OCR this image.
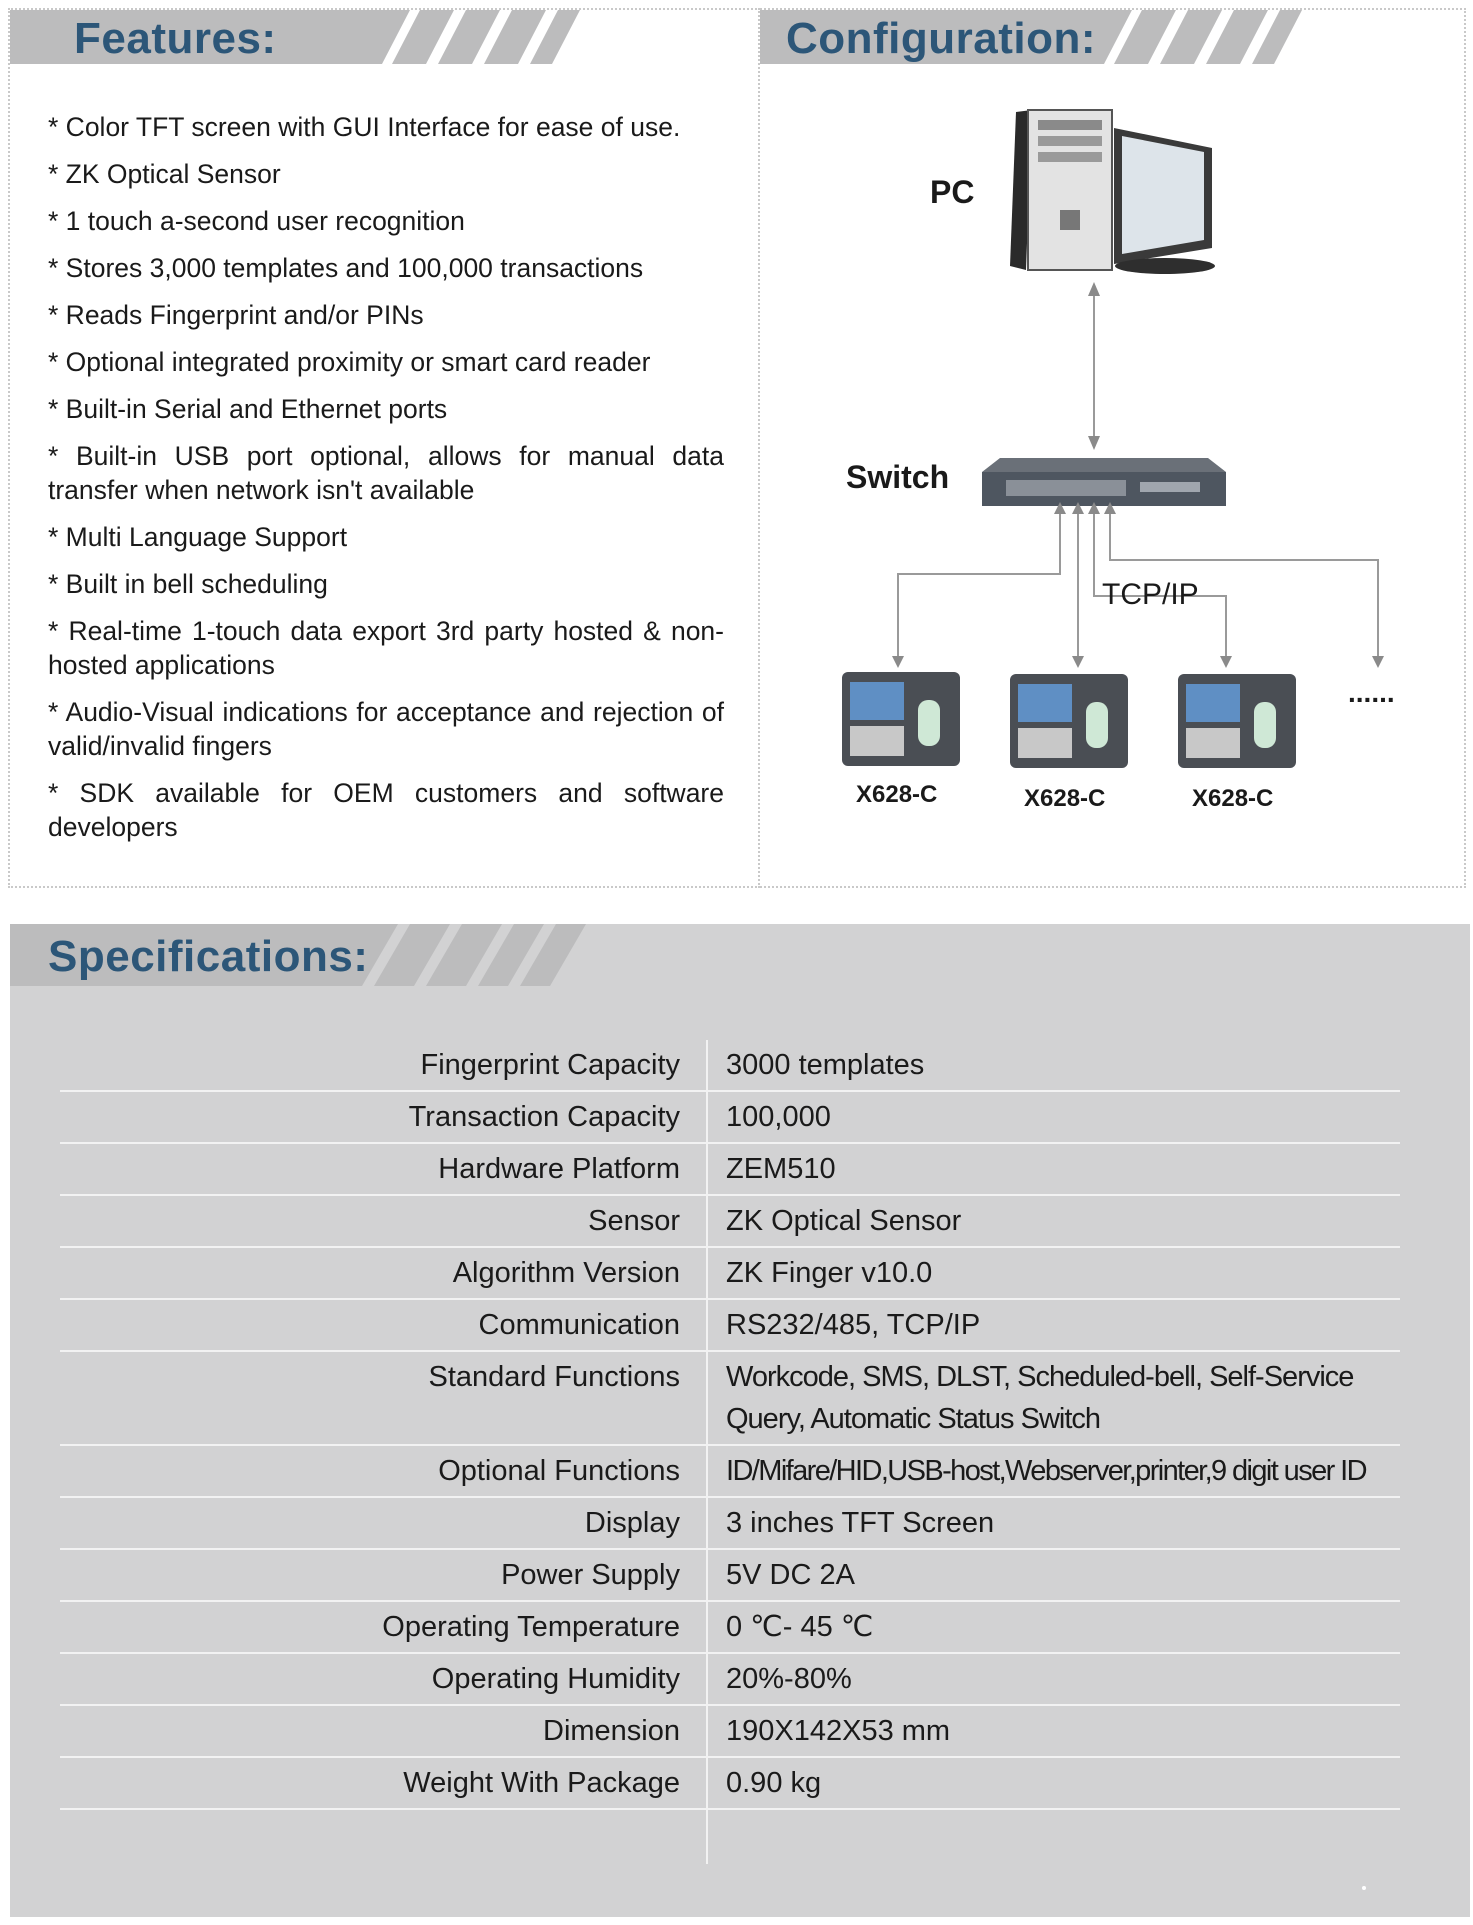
Features:
* Color TFT screen with GUI Interface for ease of use.
* ZK Optical Sensor
* 1 touch a-second user recognition
* Stores 3,000 templates and 100,000 transactions
* Reads Fingerprint and/or PINs
* Optional integrated proximity or smart card reader
* Built-in Serial and Ethernet ports
* Built-in USB port optional, allows for manual data transfer when network isn't available
* Multi Language Support
* Built in bell scheduling
* Real-time 1-touch data export 3rd party hosted & non-hosted applications
* Audio-Visual indications for acceptance and rejection of valid/invalid fingers
* SDK available for OEM customers and software developers
Configuration:
PC
Switch
TCP/IP
X628-C	X628-C	X628-C
......
Specifications:
Fingerprint Capacity	3000 templates
Transaction Capacity	100,000
Hardware Platform	ZEM510
Sensor	ZK Optical Sensor
Algorithm Version	ZK Finger v10.0
Communication	RS232/485, TCP/IP
Standard Functions	Workcode, SMS, DLST, Scheduled-bell, Self-Service Query, Automatic Status Switch
Optional Functions	ID/Mifare/HID,USB-host,Webserver,printer,9 digit user ID
Display	3 inches TFT Screen
Power Supply	5V DC 2A
Operating Temperature	0 ℃- 45 ℃
Operating Humidity	20%-80%
Dimension	190X142X53 mm
Weight With Package	0.90 kg
